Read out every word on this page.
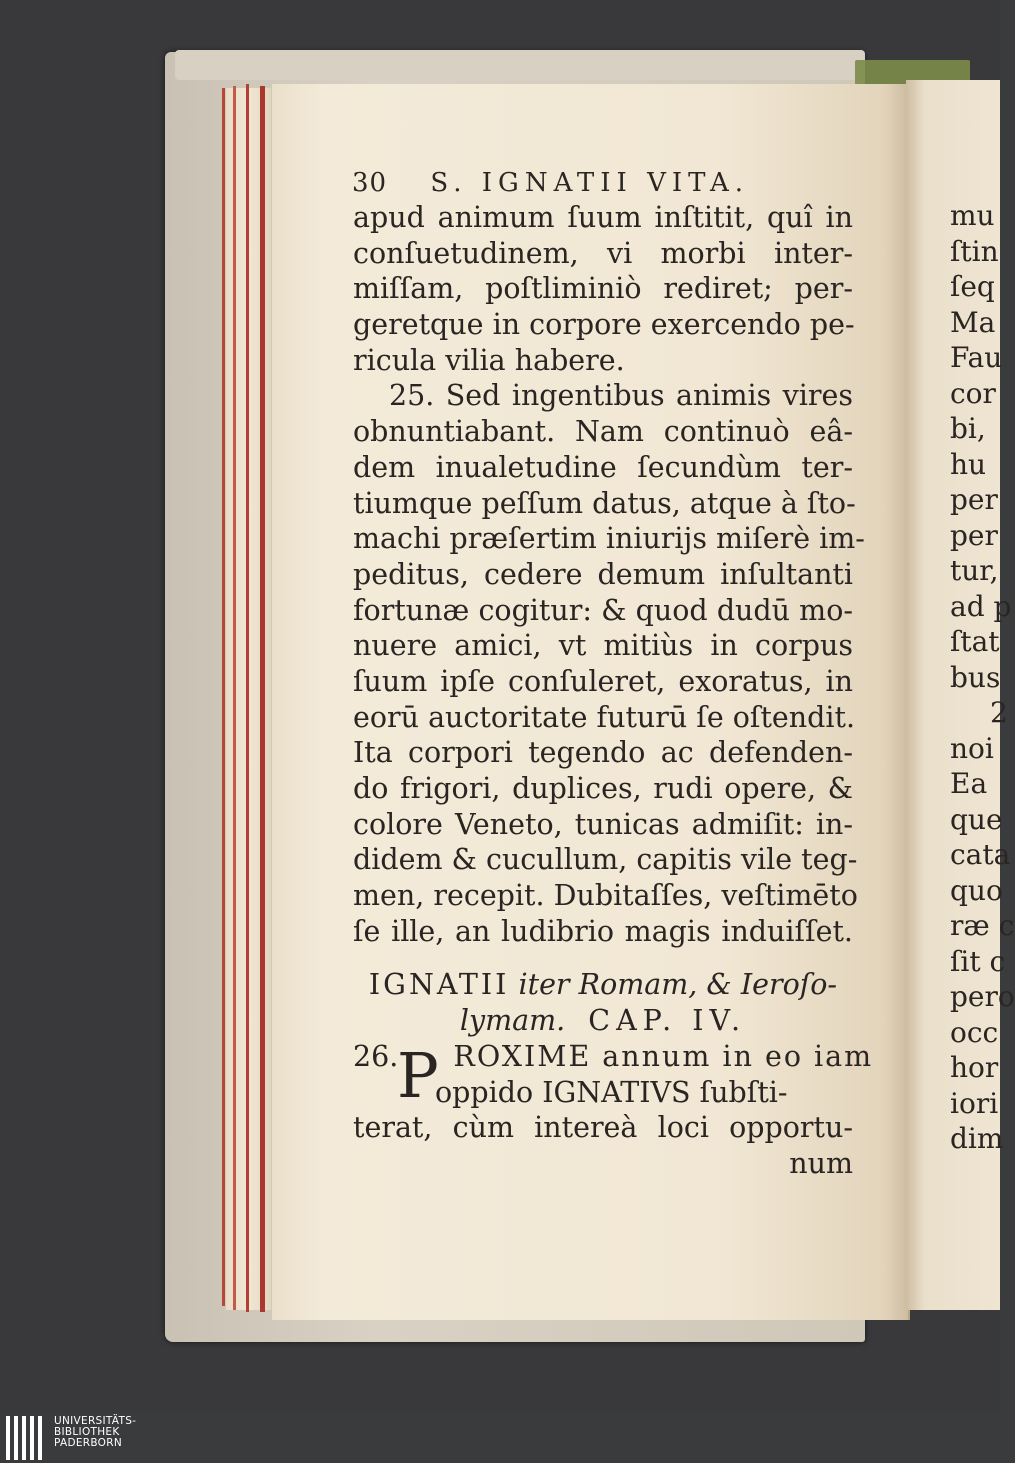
30 S. IGNATII VITA.
apud animum ſuum inſtitit, quî in
conſuetudinem, vi morbi inter-
miſſam, poſtliminiò rediret; per-
geretque in corpore exercendo pe-
ricula vilia habere.
25. Sed ingentibus animis vires
obnuntiabant. Nam continuò eâ-
dem inualetudine ſecundùm ter-
tiumque peſſum datus, atque à ſto-
machi præſertim iniurijs miſerè im-
peditus, cedere demum inſultanti
fortunæ cogitur: & quod dudū mo-
nuere amici, vt mitiùs in corpus
ſuum ipſe conſuleret, exoratus, in
eorū auctoritate futurū ſe oſtendit.
Ita corpori tegendo ac defenden-
do frigori, duplices, rudi opere, &
colore Veneto, tunicas admiſit: in-
didem & cucullum, capitis vile teg-
men, recepit. Dubitaſſes, veſtimēto
ſe ille, an ludibrio magis induiſſet.
IGNATII iter Romam, & Ieroſo-
lymam. CAP. IV.
P
26. ROXIME annum in eo iam
oppido IGNATIVS ſubſti-
terat, cùm intereà loci opportu-
num
mu
ſtin
ſeq
Ma
Fau
cor
bi,
hu
per
per
tur,
ad p
ſtat
bus
2
noi
Ea
que
cata
quo
ræ c
ſit c
pero
occ
hor
iori
dim
UNIVERSITÄTS-
BIBLIOTHEK
PADERBORN
